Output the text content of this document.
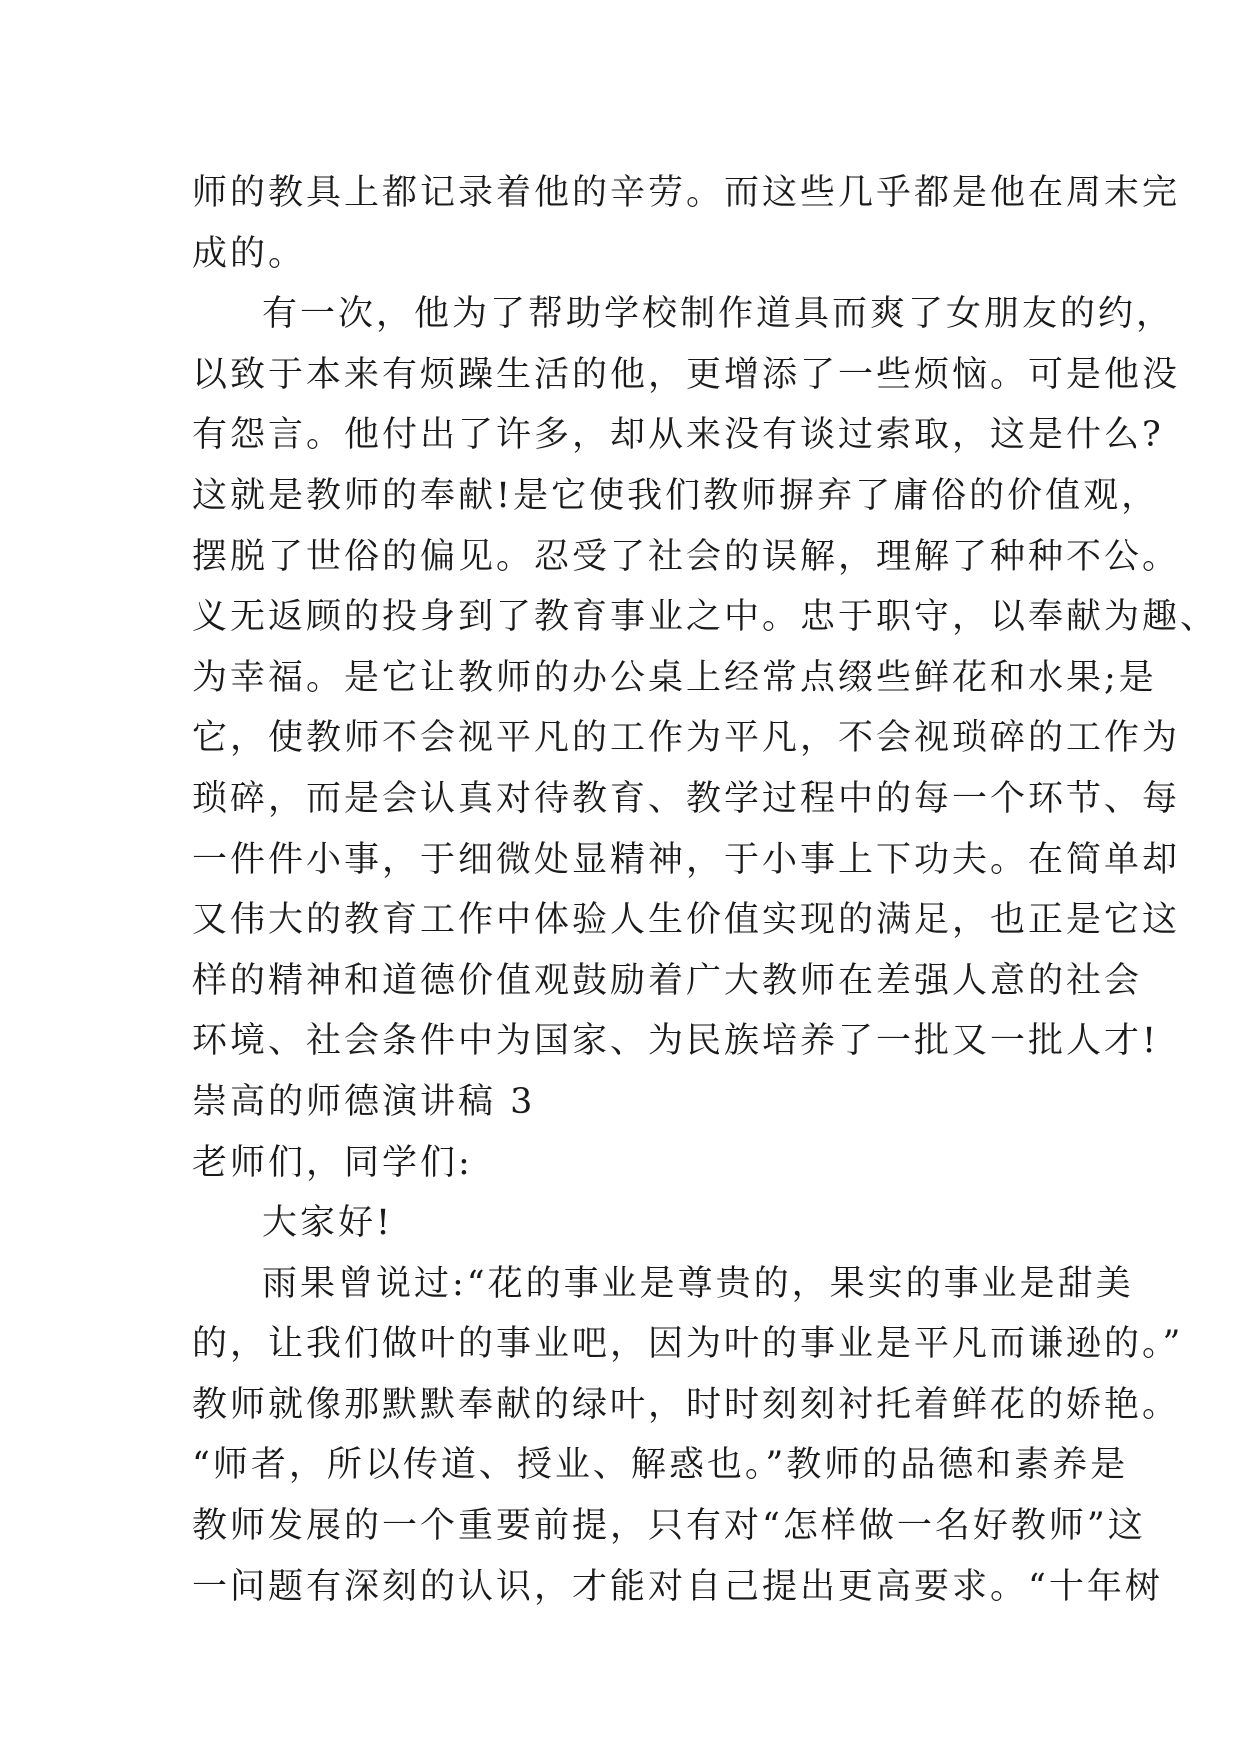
师的教具上都记录着他的辛劳。而这些几乎都是他在周末完
成的。
有一次，他为了帮助学校制作道具而爽了女朋友的约，
以致于本来有烦躁生活的他，更增添了一些烦恼。可是他没
有怨言。他付出了许多，却从来没有谈过索取，这是什么?
这就是教师的奉献!是它使我们教师摒弃了庸俗的价值观，
摆脱了世俗的偏见。忍受了社会的误解，理解了种种不公。
义无返顾的投身到了教育事业之中。忠于职守，以奉献为趣、
为幸福。是它让教师的办公桌上经常点缀些鲜花和水果;是
它，使教师不会视平凡的工作为平凡，不会视琐碎的工作为
琐碎，而是会认真对待教育、教学过程中的每一个环节、每
一件件小事，于细微处显精神，于小事上下功夫。在简单却
又伟大的教育工作中体验人生价值实现的满足，也正是它这
样的精神和道德价值观鼓励着广大教师在差强人意的社会
环境、社会条件中为国家、为民族培养了一批又一批人才!
崇高的师德演讲稿 3
老师们，同学们:
大家好!
雨果曾说过:“花的事业是尊贵的，果实的事业是甜美
的，让我们做叶的事业吧，因为叶的事业是平凡而谦逊的。”
教师就像那默默奉献的绿叶，时时刻刻衬托着鲜花的娇艳。
“师者，所以传道、授业、解惑也。”教师的品德和素养是
教师发展的一个重要前提，只有对“怎样做一名好教师”这
一问题有深刻的认识，才能对自己提出更高要求。“十年树
